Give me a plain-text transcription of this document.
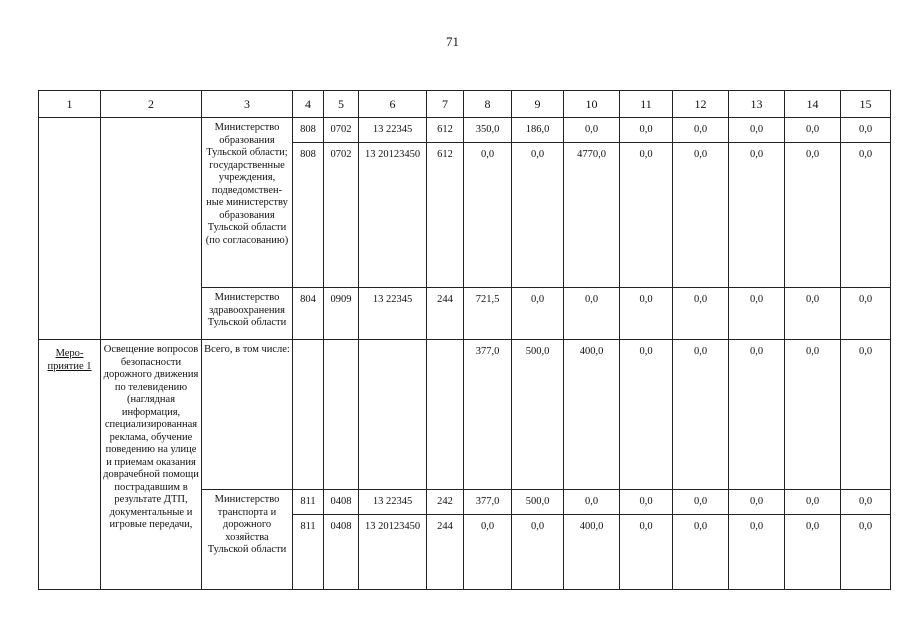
71
1	2	3	4	5	6	7	8	9	10	11	12	13	14	15
		Министерство образования Тульской области; государственные учреждения, подведомствен-ные министерству образования Тульской области (по согласованию)	808	0702	13 22345	612	350,0	186,0	0,0	0,0	0,0	0,0	0,0	0,0
			808	0702	13 20123450	612	0,0	0,0	4770,0	0,0	0,0	0,0	0,0	0,0
		Министерство здравоохранения Тульской области	804	0909	13 22345	244	721,5	0,0	0,0	0,0	0,0	0,0	0,0	0,0
Меро-приятие 1	Освещение вопросов безопасности дорожного движения по телевидению (наглядная информация, специализированная реклама, обучение поведению на улице и приемам оказания доврачебной помощи пострадавшим в результате ДТП, документальные и игровые передачи,	Всего, в том числе:					377,0	500,0	400,0	0,0	0,0	0,0	0,0	0,0
		Министерство транспорта и дорожного хозяйства Тульской области	811	0408	13 22345	242	377,0	500,0	0,0	0,0	0,0	0,0	0,0	0,0
			811	0408	13 20123450	244	0,0	0,0	400,0	0,0	0,0	0,0	0,0	0,0
